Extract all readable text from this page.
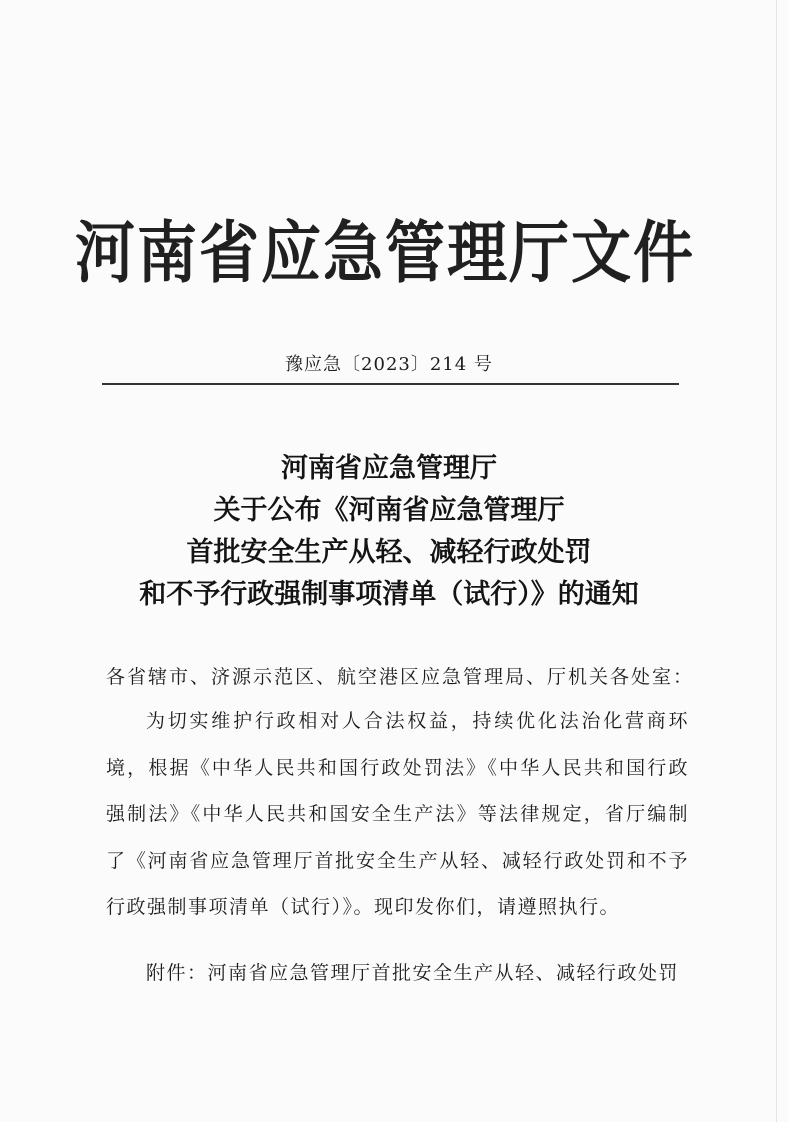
河南省应急管理厅文件
豫应急〔2023〕214 号
河南省应急管理厅
关于公布《河南省应急管理厅
首批安全生产从轻、减轻行政处罚
和不予行政强制事项清单（试行）》的通知
各省辖市、济源示范区、航空港区应急管理局、厅机关各处室：
为切实维护行政相对人合法权益，持续优化法治化营商环境，根据《中华人民共和国行政处罚法》《中华人民共和国行政强制法》《中华人民共和国安全生产法》等法律规定，省厅编制了《河南省应急管理厅首批安全生产从轻、减轻行政处罚和不予行政强制事项清单（试行）》。现印发你们，请遵照执行。
附件：河南省应急管理厅首批安全生产从轻、减轻行政处罚
